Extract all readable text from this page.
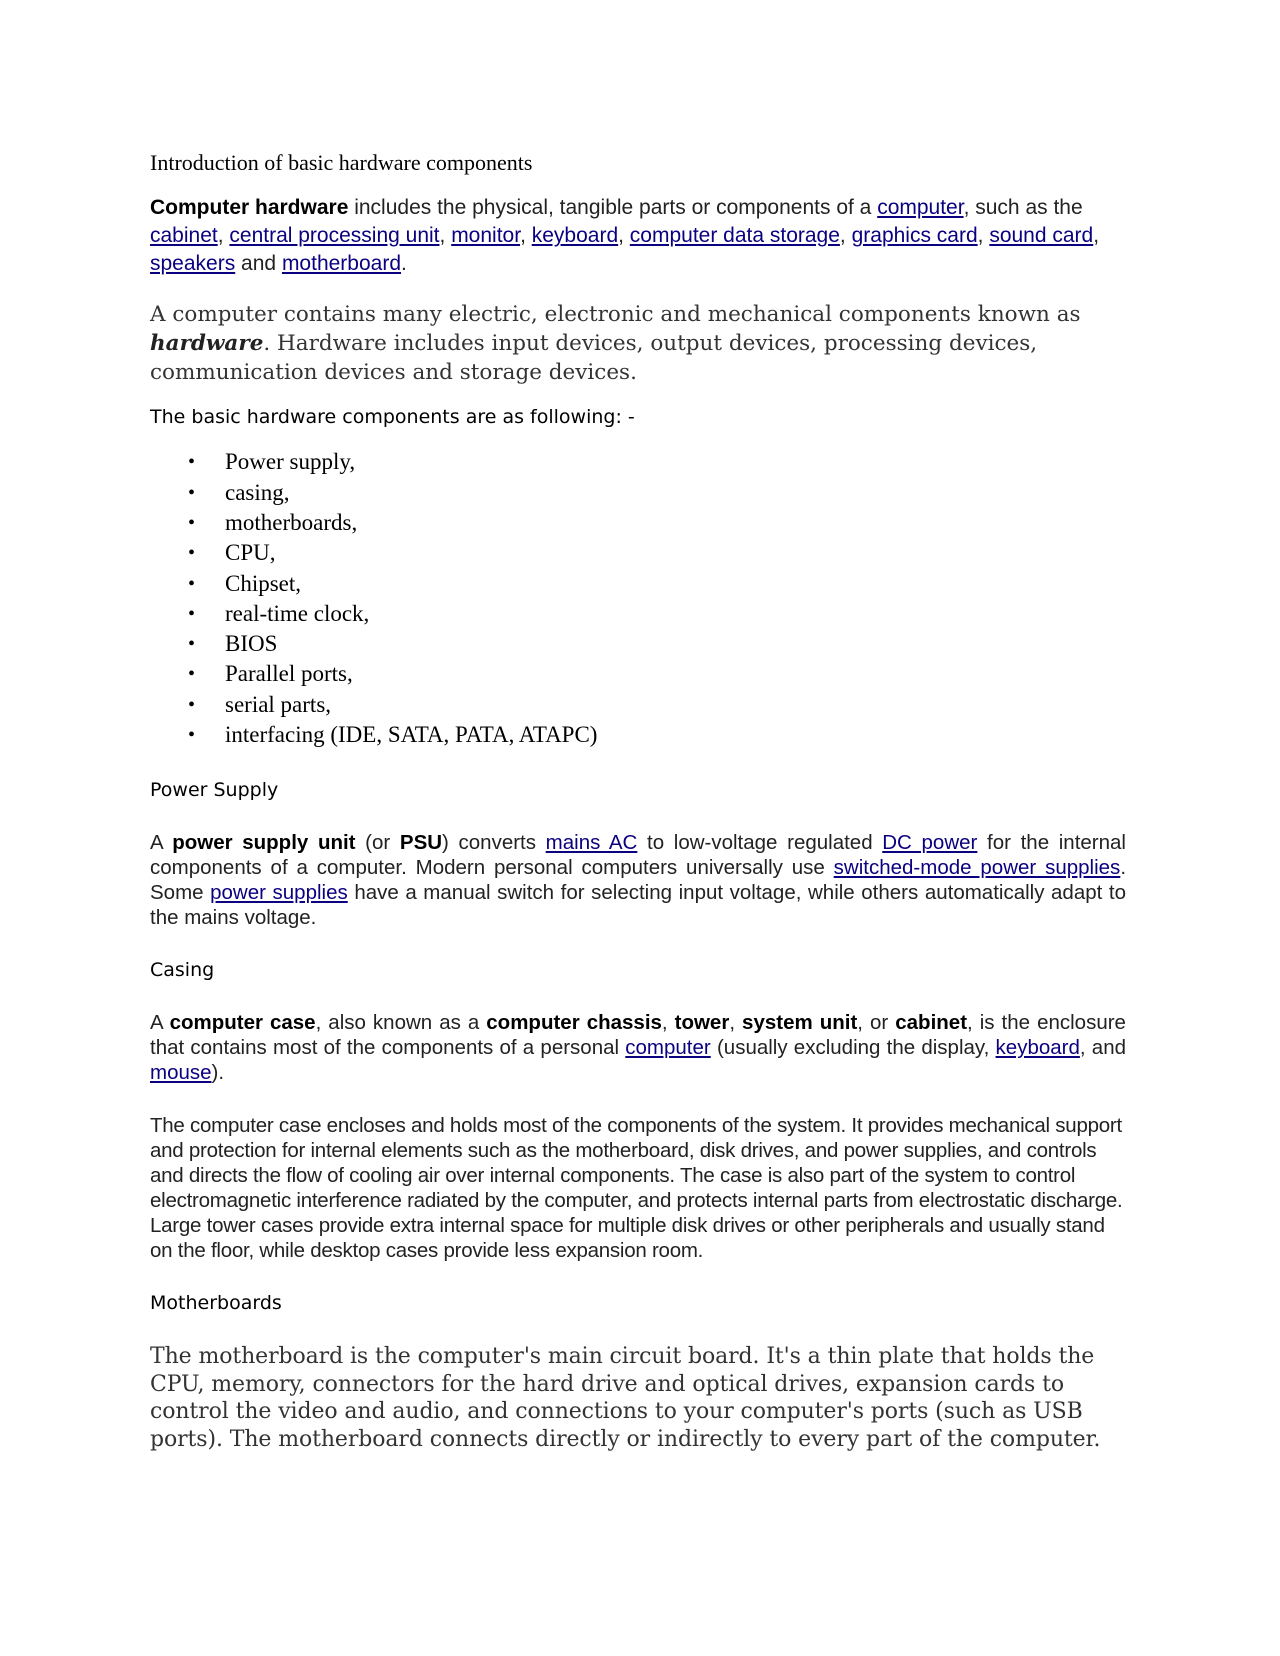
Introduction of basic hardware components

Computer hardware includes the physical, tangible parts or components of a computer, such as the cabinet, central processing unit, monitor, keyboard, computer data storage, graphics card, sound card, speakers and motherboard.

A computer contains many electric, electronic and mechanical components known as hardware. Hardware includes input devices, output devices, processing devices, communication devices and storage devices.

The basic hardware components are as following: -

• Power supply,
• casing,
• motherboards,
• CPU,
• Chipset,
• real-time clock,
• BIOS
• Parallel ports,
• serial parts,
• interfacing (IDE, SATA, PATA, ATAPC)
Power Supply

A power supply unit (or PSU) converts mains AC to low-voltage regulated DC power for the internal components of a computer. Modern personal computers universally use switched-mode power supplies. Some power supplies have a manual switch for selecting input voltage, while others automatically adapt to the mains voltage.

Casing

A computer case, also known as a computer chassis, tower, system unit, or cabinet, is the enclosure that contains most of the components of a personal computer (usually excluding the display, keyboard, and mouse).

The computer case encloses and holds most of the components of the system. It provides mechanical support and protection for internal elements such as the motherboard, disk drives, and power supplies, and controls and directs the flow of cooling air over internal components. The case is also part of the system to control electromagnetic interference radiated by the computer, and protects internal parts from electrostatic discharge. Large tower cases provide extra internal space for multiple disk drives or other peripherals and usually stand on the floor, while desktop cases provide less expansion room.

Motherboards

The motherboard is the computer's main circuit board. It's a thin plate that holds the CPU, memory, connectors for the hard drive and optical drives, expansion cards to control the video and audio, and connections to your computer's ports (such as USB ports). The motherboard connects directly or indirectly to every part of the computer.
